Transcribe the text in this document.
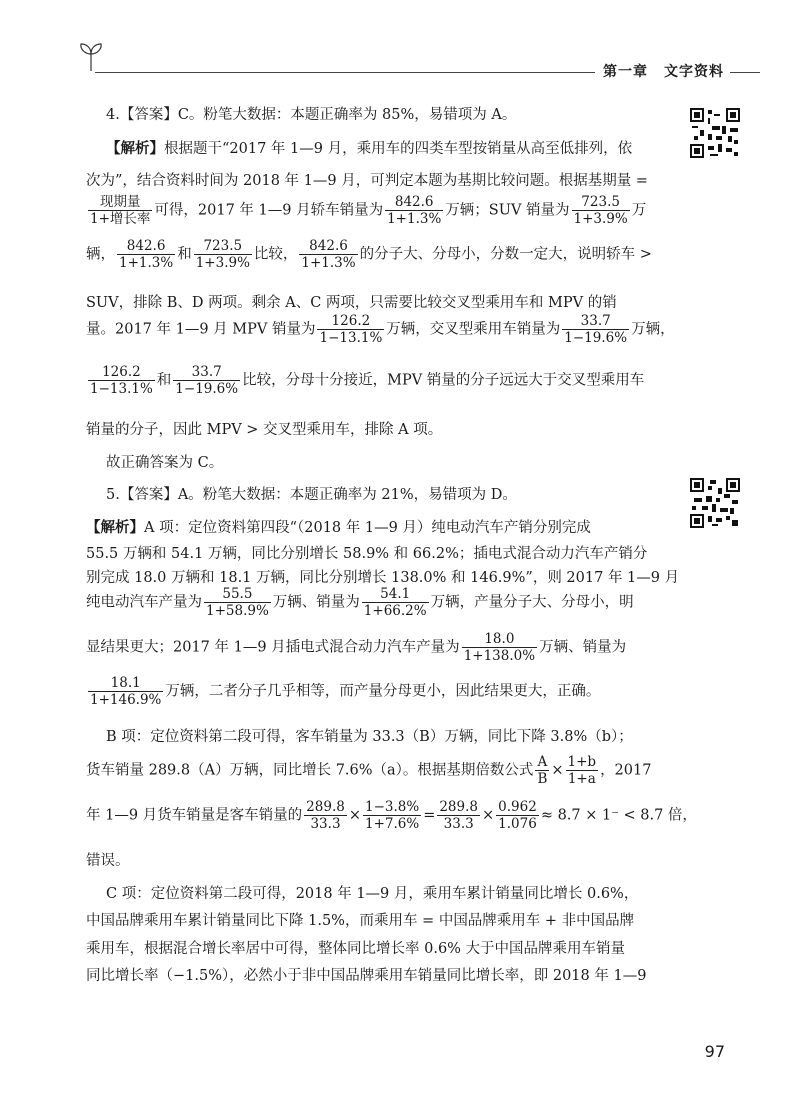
第一章 文字资料
4.【答案】C。粉笔大数据：本题正确率为 85%，易错项为 A。
【解析】根据题干“2017 年 1—9 月，乘用车的四类车型按销量从高至低排列，依
次为”，结合资料时间为 2018 年 1—9 月，可判定本题为基期比较问题。根据基期量 =
$\frac{\text{现期量}}{\text{1+增长率}}$ 可得，2017 年 1—9 月轿车销量为 $\frac{842.6}{1+1.3\%}$ 万辆；SUV 销量为 $\frac{723.5}{1+3.9\%}$ 万
辆， $\frac{842.6}{1+1.3\%}$ 和 $\frac{723.5}{1+3.9\%}$ 比较， $\frac{842.6}{1+1.3\%}$ 的分子大、分母小，分数一定大，说明轿车 >
SUV，排除 B、D 两项。剩余 A、C 两项，只需要比较交叉型乘用车和 MPV 的销
量。2017 年 1—9 月 MPV 销量为 $\frac{126.2}{1-13.1\%}$ 万辆，交叉型乘用车销量为 $\frac{33.7}{1-19.6\%}$ 万辆，
$\frac{126.2}{1-13.1\%}$ 和 $\frac{33.7}{1-19.6\%}$ 比较，分母十分接近，MPV 销量的分子远远大于交叉型乘用车
销量的分子，因此 MPV > 交叉型乘用车，排除 A 项。
故正确答案为 C。
5.【答案】A。粉笔大数据：本题正确率为 21%，易错项为 D。
【解析】A 项：定位资料第四段“（2018 年 1—9 月）纯电动汽车产销分别完成
55.5 万辆和 54.1 万辆，同比分别增长 58.9% 和 66.2%；插电式混合动力汽车产销分
别完成 18.0 万辆和 18.1 万辆，同比分别增长 138.0% 和 146.9%”，则 2017 年 1—9 月
纯电动汽车产量为 $\frac{55.5}{1+58.9\%}$ 万辆、销量为 $\frac{54.1}{1+66.2\%}$ 万辆，产量分子大、分母小，明
显结果更大；2017 年 1—9 月插电式混合动力汽车产量为 $\frac{18.0}{1+138.0\%}$ 万辆、销量为
$\frac{18.1}{1+146.9\%}$ 万辆，二者分子几乎相等，而产量分母更小，因此结果更大，正确。
B 项：定位资料第二段可得，客车销量为 33.3（B）万辆，同比下降 3.8%（b）；
货车销量 289.8（A）万辆，同比增长 7.6%（a）。根据基期倍数公式 $\frac{A}{B} \times \frac{1+b}{1+a}$ ，2017
年 1—9 月货车销量是客车销量的 $\frac{289.8}{33.3} \times \frac{1-3.8\%}{1+7.6\%} = \frac{289.8}{33.3} \times \frac{0.962}{1.076} \approx 8.7 \times 1^- < 8.7$ 倍，
错误。
C 项：定位资料第二段可得，2018 年 1—9 月，乘用车累计销量同比增长 0.6%，
中国品牌乘用车累计销量同比下降 1.5%，而乘用车 = 中国品牌乘用车 + 非中国品牌
乘用车，根据混合增长率居中可得，整体同比增长率 0.6% 大于中国品牌乘用车销量
同比增长率（−1.5%），必然小于非中国品牌乘用车销量同比增长率，即 2018 年 1—9
97
